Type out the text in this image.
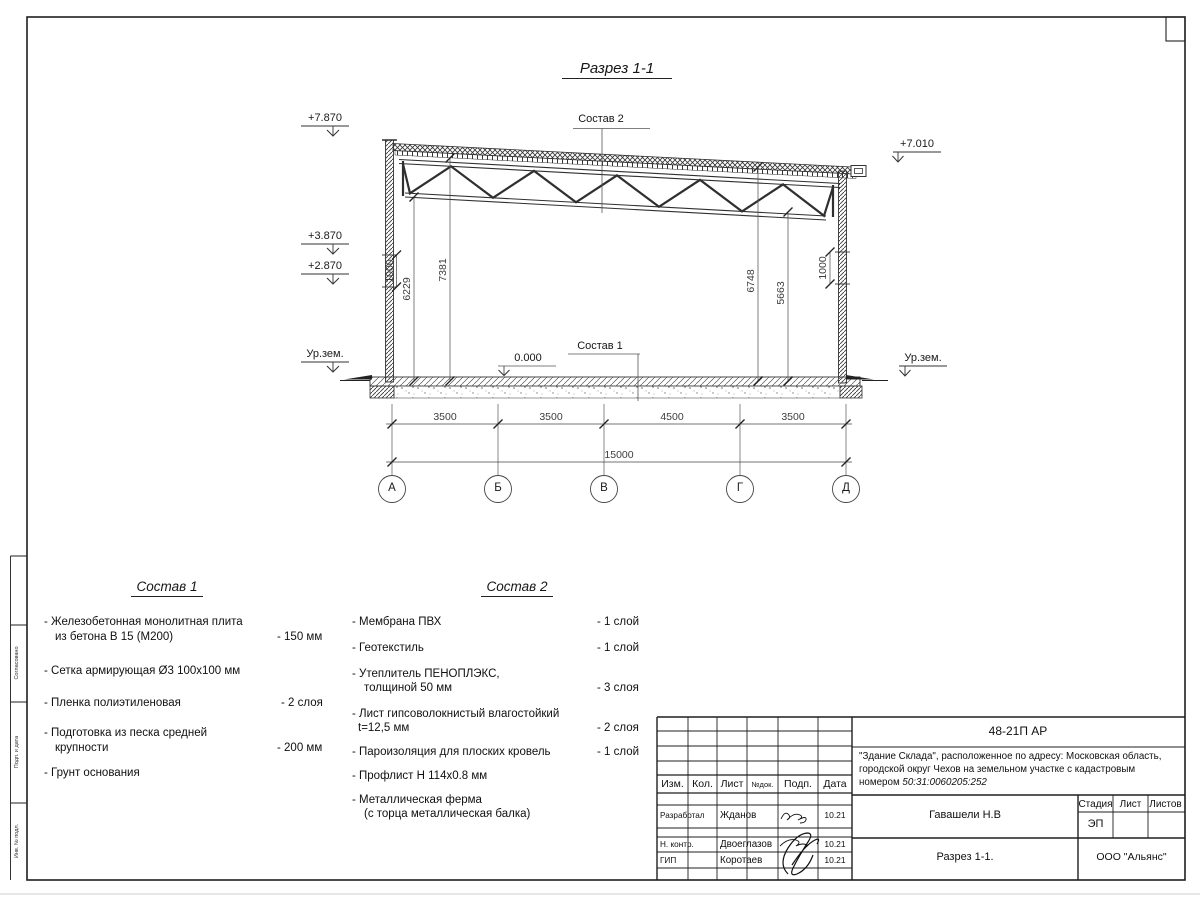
Согласовано
Подп. и дата
Инв. № подл.
Разрез 1-1
Состав 2
Состав 1
0.000
+7.870
+3.870
+2.870
Ур.зем.
+7.010
Ур.зем.
1000
6229
7381	6748
5663
1000
3500	3500	4500	3500
15000
А	Б	В	Г	Д
Состав 1
- Железобетонная монолитная плита
из бетона В 15 (М200)	- 150 мм
- Сетка армирующая Ø3 100х100 мм
- Пленка полиэтиленовая	- 2 слоя
- Подготовка из песка средней
крупности	- 200 мм
- Грунт основания
Состав 2
- Мембрана ПВХ	- 1 слой
- Геотекстиль	- 1 слой
- Утеплитель ПЕНОПЛЭКС,
толщиной 50 мм	- 3 слоя
- Лист гипсоволокнистый влагостойкий
t=12,5 мм	- 2 слоя
- Пароизоляция для плоских кровель	- 1 слой
- Профлист Н 114х0.8 мм
- Металлическая ферма
(с торца металлическая балка)
48-21П АР
"Здание Склада", расположенное по адресу: Московская область,
городской округ Чехов на земельном участке с кадастровым
номером 50:31:0060205:252
Изм. Кол. Лист	№док.	Подп.	Дата
Разработал Жданов	10.21
Н. контр.	Двоеглазов	10.21
ГИП	Коротаев	10.21
Гавашели Н.В
Стадия Лист Листов
ЭП
Разрез 1-1.	ООО "Альянс"
